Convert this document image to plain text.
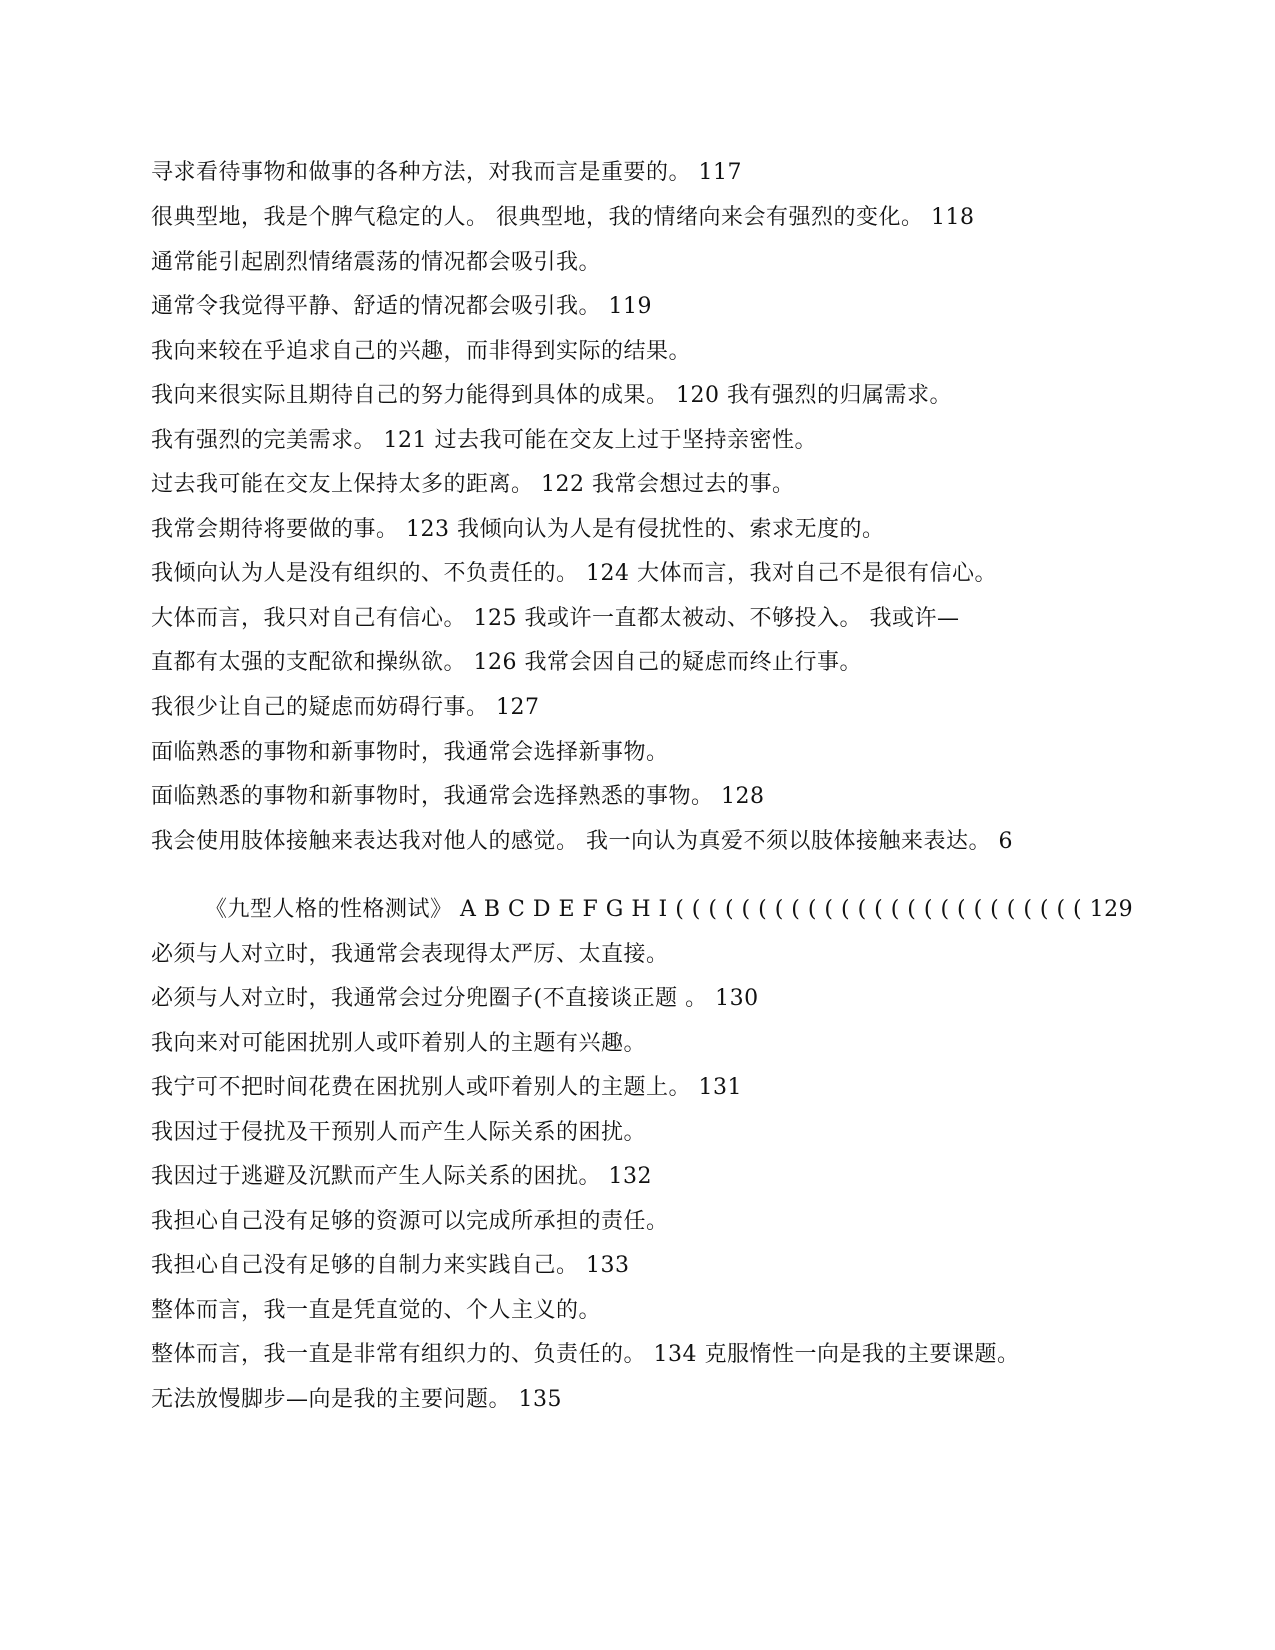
寻求看待事物和做事的各种方法，对我而言是重要的。 117
很典型地，我是个脾气稳定的人。 很典型地，我的情绪向来会有强烈的变化。 118
通常能引起剧烈情绪震荡的情况都会吸引我。
通常令我觉得平静、舒适的情况都会吸引我。 119
我向来较在乎追求自己的兴趣，而非得到实际的结果。
我向来很实际且期待自己的努力能得到具体的成果。 120 我有强烈的归属需求。
我有强烈的完美需求。 121 过去我可能在交友上过于坚持亲密性。
过去我可能在交友上保持太多的距离。 122 我常会想过去的事。
我常会期待将要做的事。 123 我倾向认为人是有侵扰性的、索求无度的。
我倾向认为人是没有组织的、不负责任的。 124 大体而言，我对自己不是很有信心。
大体而言，我只对自己有信心。 125 我或许一直都太被动、不够投入。 我或许—
直都有太强的支配欲和操纵欲。 126 我常会因自己的疑虑而终止行事。
我很少让自己的疑虑而妨碍行事。 127
面临熟悉的事物和新事物时，我通常会选择新事物。
面临熟悉的事物和新事物时，我通常会选择熟悉的事物。 128
我会使用肢体接触来表达我对他人的感觉。 我一向认为真爱不须以肢体接触来表达。 6
《九型人格的性格测试》 A B C D E F G H I ( ( ( ( ( ( ( ( ( ( ( ( ( ( ( ( ( ( ( ( ( ( ( ( ( 129
必须与人对立时，我通常会表现得太严厉、太直接。
必须与人对立时，我通常会过分兜圈子(不直接谈正题 。 130
我向来对可能困扰别人或吓着别人的主题有兴趣。
我宁可不把时间花费在困扰别人或吓着别人的主题上。 131
我因过于侵扰及干预别人而产生人际关系的困扰。
我因过于逃避及沉默而产生人际关系的困扰。 132
我担心自己没有足够的资源可以完成所承担的责任。
我担心自己没有足够的自制力来实践自己。 133
整体而言，我一直是凭直觉的、个人主义的。
整体而言，我一直是非常有组织力的、负责任的。 134 克服惰性一向是我的主要课题。
无法放慢脚步—向是我的主要问题。 135
